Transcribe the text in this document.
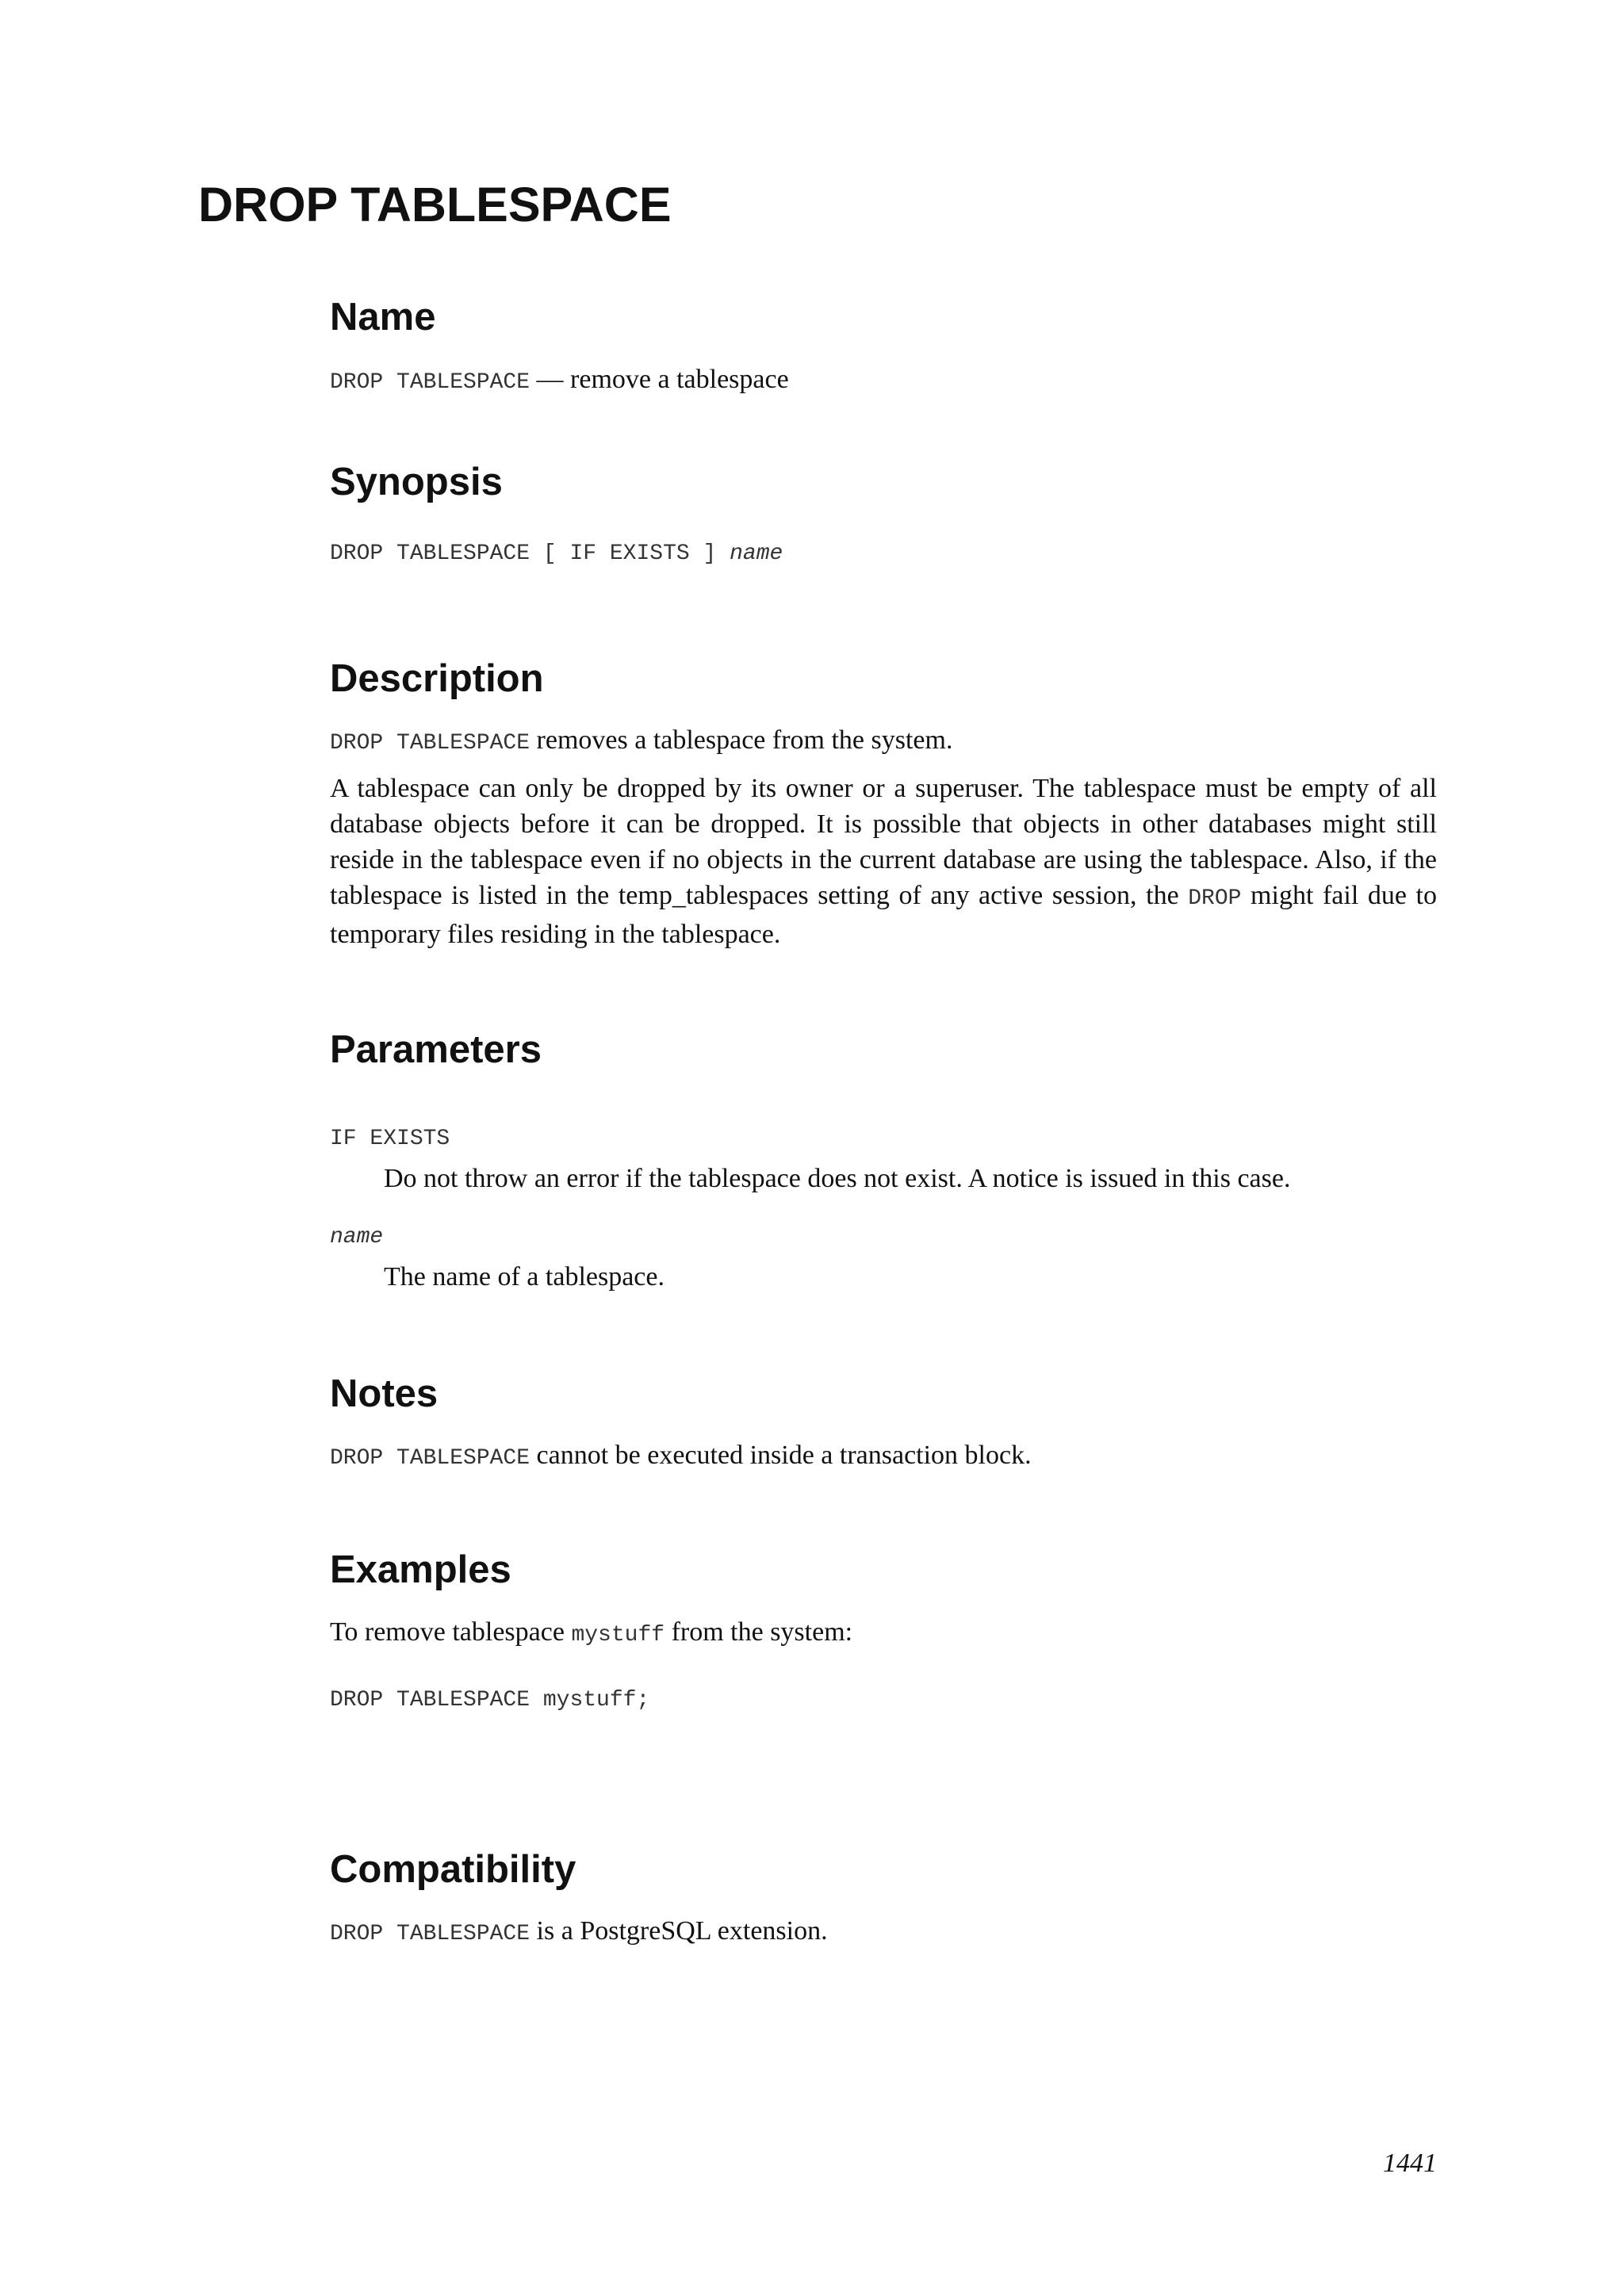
DROP TABLESPACE
Name

DROP TABLESPACE — remove a tablespace

Synopsis

DROP TABLESPACE [ IF EXISTS ] name

Description

DROP TABLESPACE removes a tablespace from the system.

A tablespace can only be dropped by its owner or a superuser. The tablespace must be empty of all database objects before it can be dropped. It is possible that objects in other databases might still reside in the tablespace even if no objects in the current database are using the tablespace. Also, if the tablespace is listed in the temp_tablespaces setting of any active session, the DROP might fail due to temporary files residing in the tablespace.

Parameters

IF EXISTS

Do not throw an error if the tablespace does not exist. A notice is issued in this case.

name

The name of a tablespace.

Notes

DROP TABLESPACE cannot be executed inside a transaction block.

Examples

To remove tablespace mystuff from the system:

DROP TABLESPACE mystuff;

Compatibility

DROP TABLESPACE is a PostgreSQL extension.

1441
